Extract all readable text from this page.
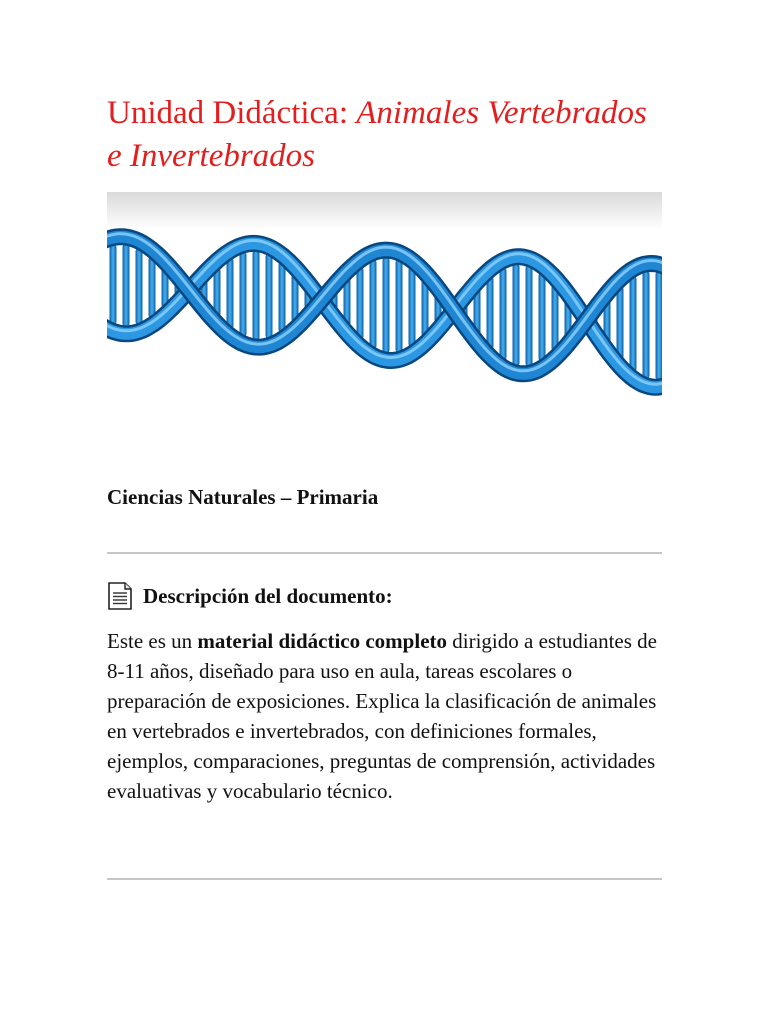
Unidad Didáctica: Animales Vertebrados e Invertebrados
Ciencias Naturales – Primaria
Descripción del documento:

Este es un material didáctico completo dirigido a estudiantes de 8-11 años, diseñado para uso en aula, tareas escolares o preparación de exposiciones. Explica la clasificación de animales en vertebrados e invertebrados, con definiciones formales, ejemplos, comparaciones, preguntas de comprensión, actividades evaluativas y vocabulario técnico.
